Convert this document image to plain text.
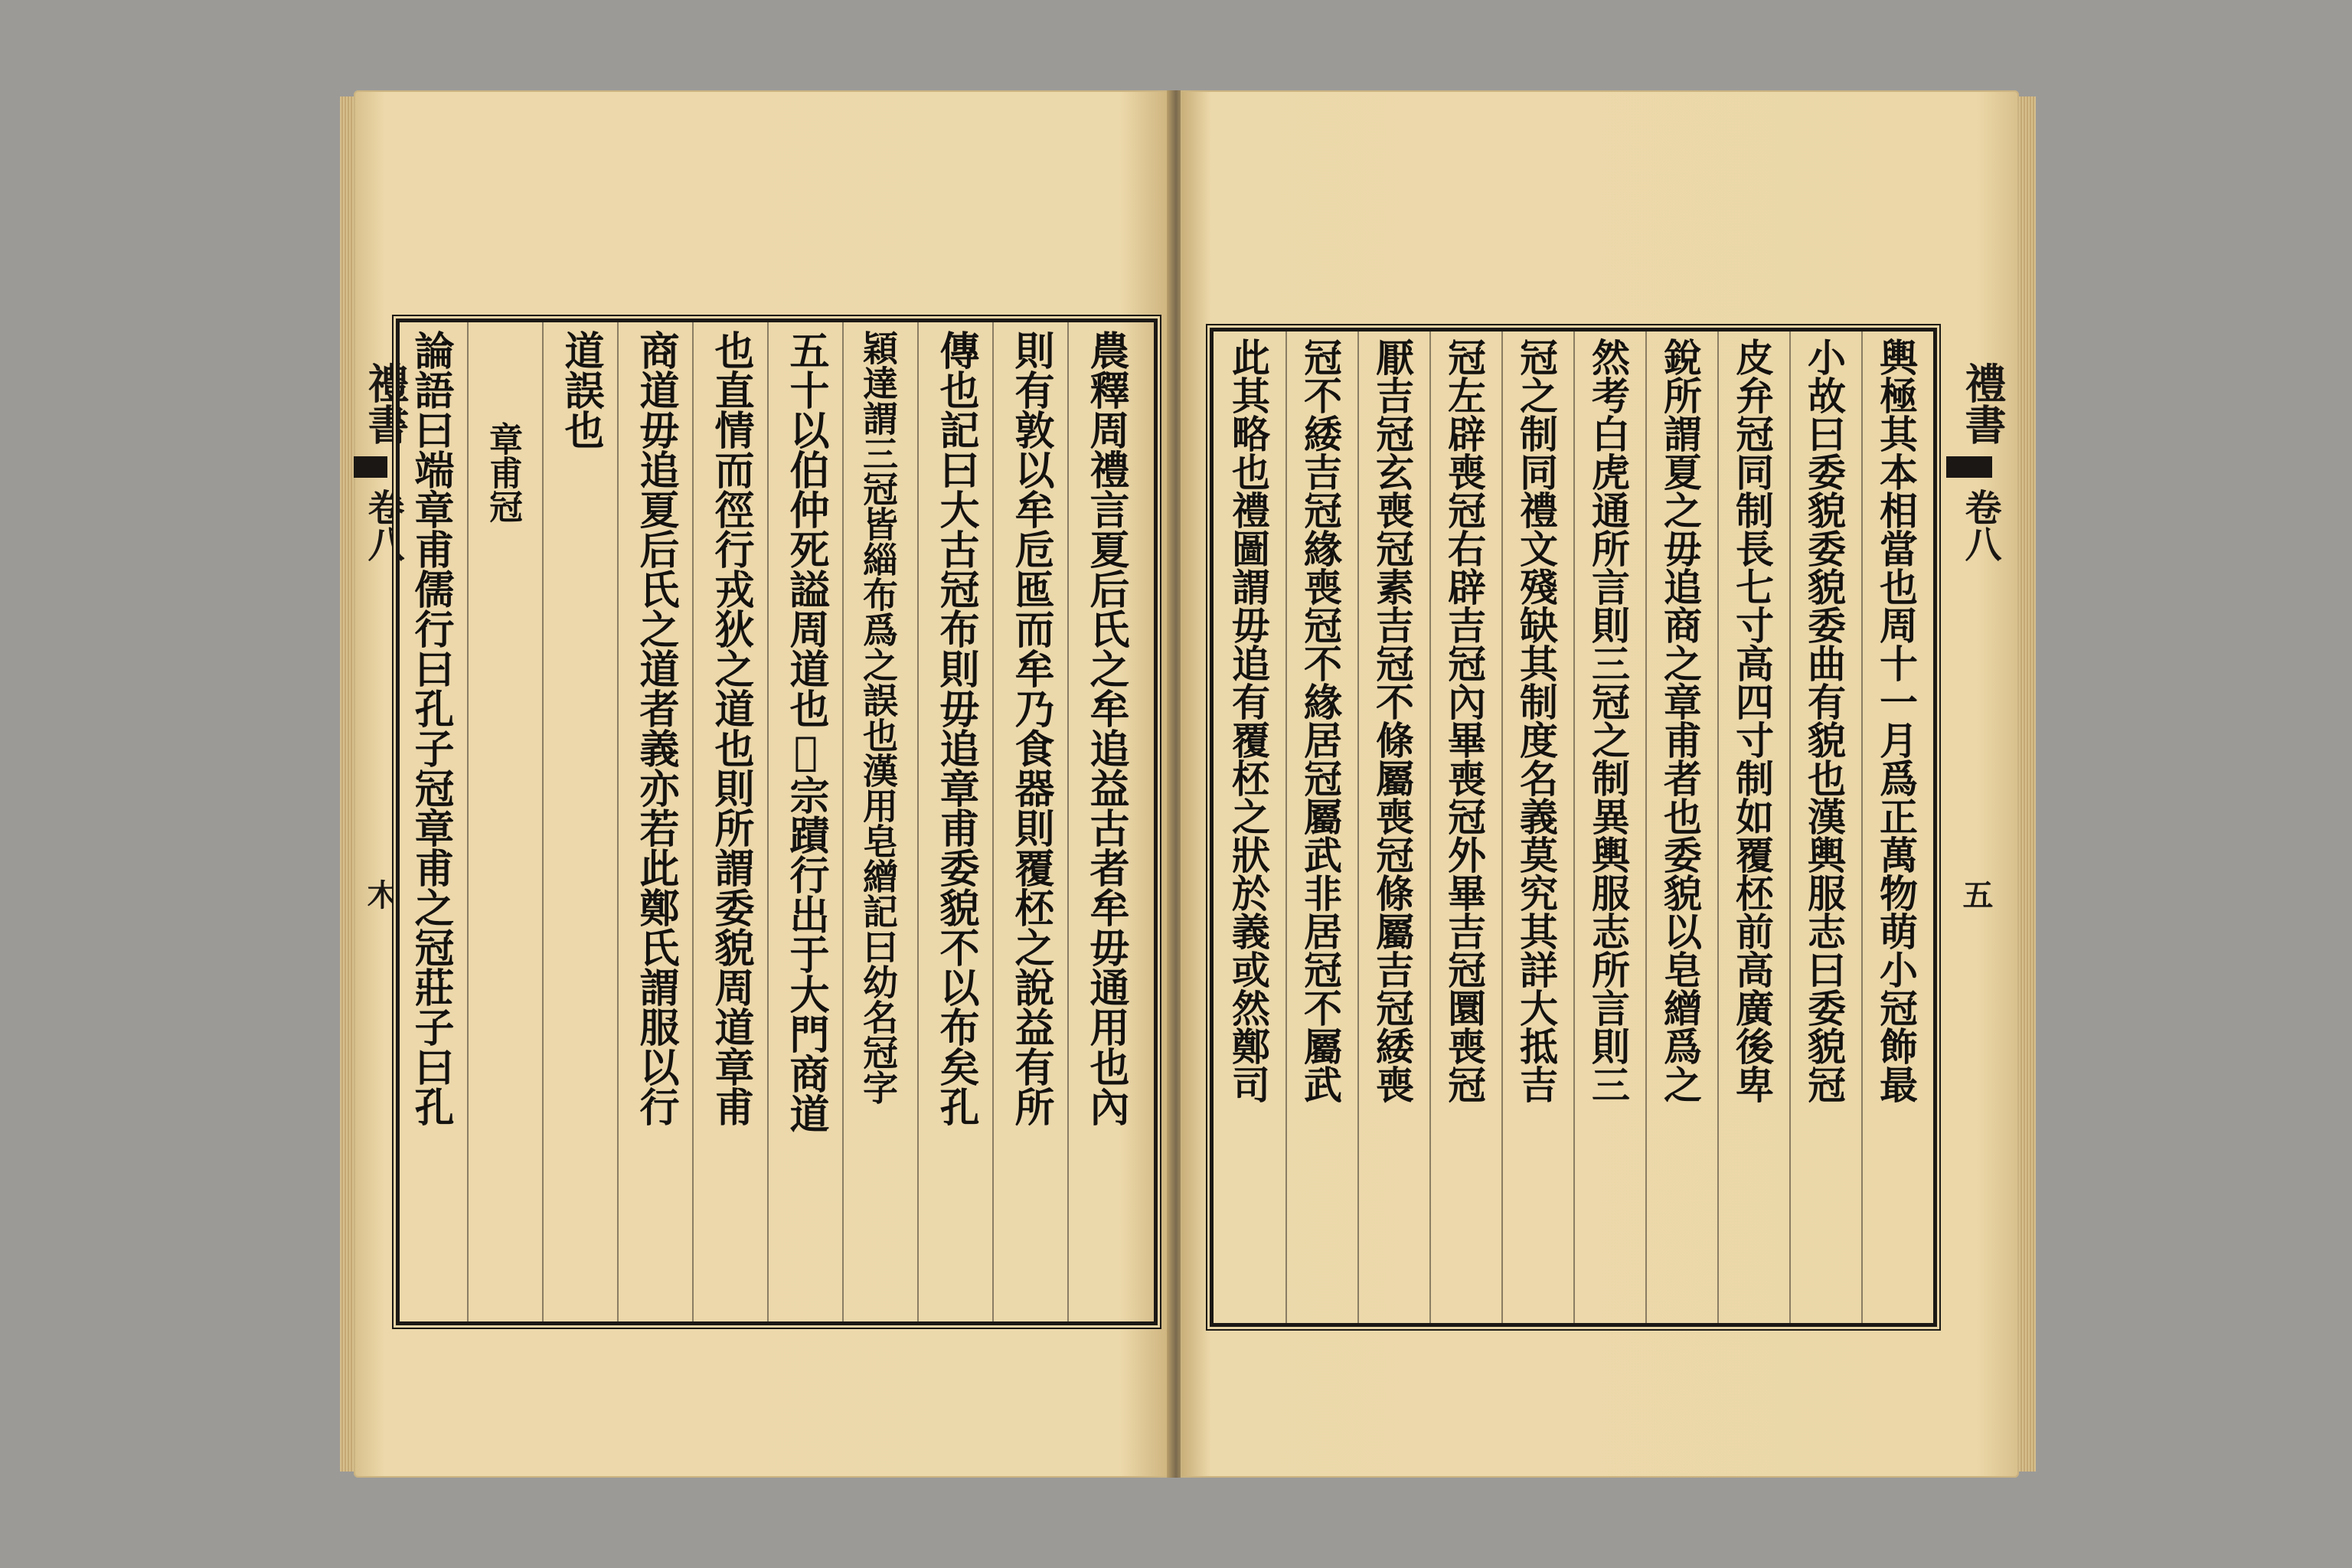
禮書
卷八
木 論語曰端章甫儒行曰孔子冠章甫之冠莊子曰孔 章甫冠
道誤也 商道毋追夏后氏之道者義亦若此鄭氏謂服以行 也直情而徑行戎狄之道也則所謂委貌周道章甫 五十以伯仲死謚周道也𧼈宗蹟行出于大門商道 穎達謂三冠皆緇布爲之誤也漢用皂繒記曰幼名冠字 傳也記曰大古冠布則毋追章甫委貌不以布矣孔 則有敦以牟卮匜而牟乃食器則覆柸之說益有所 農釋周禮言夏后氏之牟追益古者牟毋通用也內	此其略也禮圖謂毋追有覆柸之狀於義或然鄭司 冠不緌吉冠緣喪冠不緣居冠屬武非居冠不屬武 厭吉冠玄喪冠素吉冠不條屬喪冠條屬吉冠緌喪 冠左辟喪冠右辟吉冠內畢喪冠外畢吉冠圜喪冠 冠之制同禮文殘缺其制度名義莫究其詳大抵吉 然考白虎通所言則三冠之制異輿服志所言則三 銳所謂夏之毋追商之章甫者也委貌以皂繒爲之 皮弁冠同制長七寸高四寸制如覆柸前高廣後卑 小故曰委貌委貌委曲有貌也漢輿服志曰委貌冠 輿極其本相當也周十一月爲正萬物萌小冠飾最 禮書
卷八
五
